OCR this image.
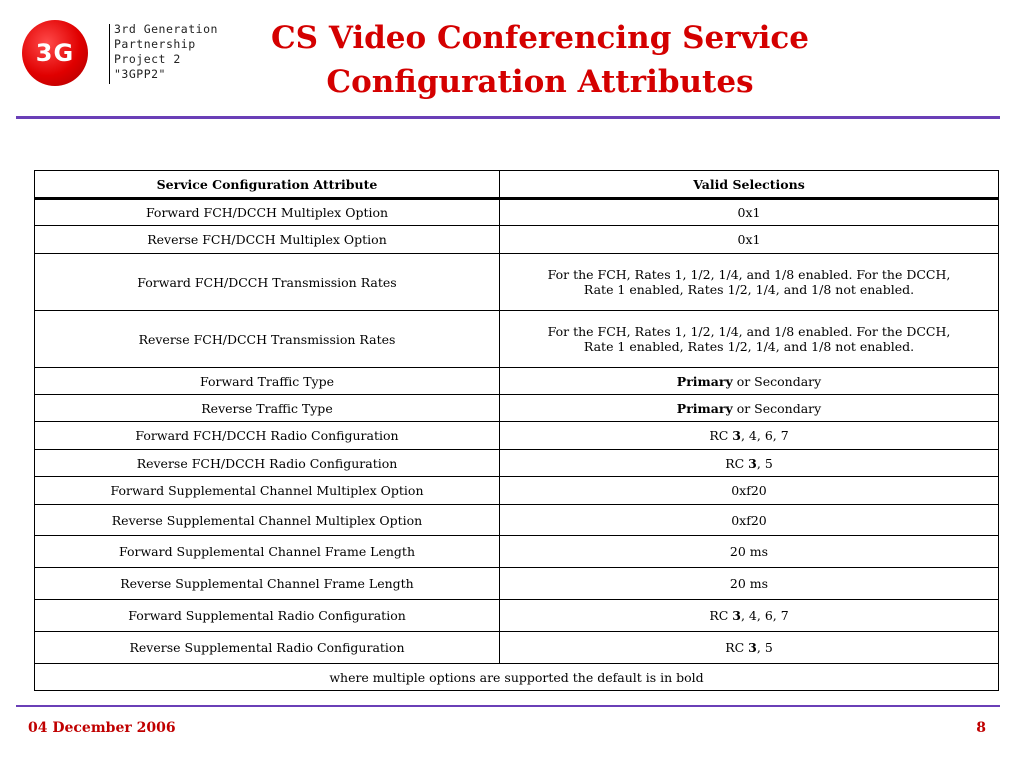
3G
3rd Generation
Partnership
Project 2
"3GPP2"
CS Video Conferencing Service
Configuration Attributes
Service Configuration Attribute	Valid Selections
Forward FCH/DCCH Multiplex Option	0x1
Reverse FCH/DCCH Multiplex Option	0x1
Forward FCH/DCCH Transmission Rates	For the FCH, Rates 1, 1/2, 1/4, and 1/8 enabled. For the DCCH,
Rate 1 enabled, Rates 1/2, 1/4, and 1/8 not enabled.

Reverse FCH/DCCH Transmission Rates	For the FCH, Rates 1, 1/2, 1/4, and 1/8 enabled. For the DCCH,
Rate 1 enabled, Rates 1/2, 1/4, and 1/8 not enabled.

Forward Traffic Type	Primary or Secondary
Reverse Traffic Type	Primary or Secondary
Forward FCH/DCCH Radio Configuration	RC 3, 4, 6, 7
Reverse FCH/DCCH Radio Configuration	RC 3, 5
Forward Supplemental Channel Multiplex Option	0xf20
Reverse Supplemental Channel Multiplex Option	0xf20
Forward Supplemental Channel Frame Length	20 ms
Reverse Supplemental Channel Frame Length	20 ms
Forward Supplemental Radio Configuration	RC 3, 4, 6, 7
Reverse Supplemental Radio Configuration	RC 3, 5
where multiple options are supported the default is in bold	
04 December 2006	8
